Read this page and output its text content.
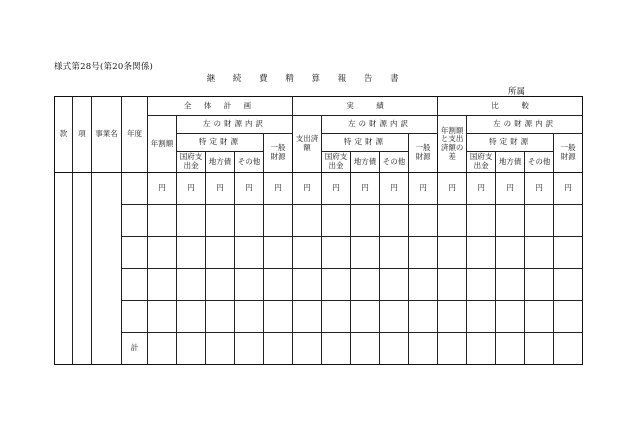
様式第28号(第20条関係)
継　続　費　精　算　報　告　書
所属
款	項	事業名	年度	全 体 計 画					実　　　績					比　　　較				
				年割額	左の財源内訳				支出済額	左の財源内訳				年割額と支出済額の差	左の財源内訳			
					特定財源			一般財源		特定財源			一般財源		特定財源			一般財源

					国府支出金	地方債	その他			国府支出金	地方債	その他			国府支出金	地方債	その他	
				円	円	円	円	円	円	円	円	円	円	円	円	円	円	円

			計															
